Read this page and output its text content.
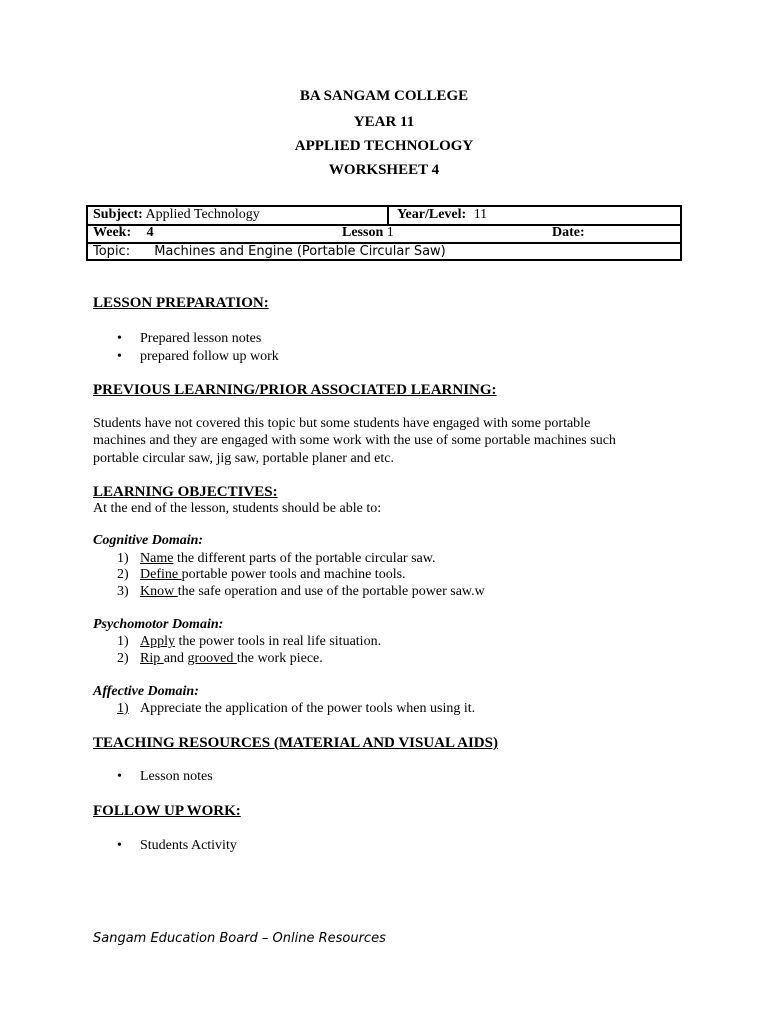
BA SANGAM COLLEGE
YEAR 11
APPLIED TECHNOLOGY
WORKSHEET 4
Subject: Applied Technology	Year/Level: 11
Week: 4	Lesson 1	Date:
Topic: Machines and Engine (Portable Circular Saw)
LESSON PREPARATION:
• Prepared lesson notes
• prepared follow up work
PREVIOUS LEARNING/PRIOR ASSOCIATED LEARNING:
Students have not covered this topic but some students have engaged with some portable
machines and they are engaged with some work with the use of some portable machines such
portable circular saw, jig saw, portable planer and etc.
LEARNING OBJECTIVES:
At the end of the lesson, students should be able to:
Cognitive Domain:
1) Name the different parts of the portable circular saw.
2) Define portable power tools and machine tools.
3) Know the safe operation and use of the portable power saw.w
Psychomotor Domain:
1) Apply the power tools in real life situation.
2) Rip and grooved the work piece.
Affective Domain:
1) Appreciate the application of the power tools when using it.
TEACHING RESOURCES (MATERIAL AND VISUAL AIDS)
• Lesson notes
FOLLOW UP WORK:
• Students Activity
Sangam Education Board – Online Resources
